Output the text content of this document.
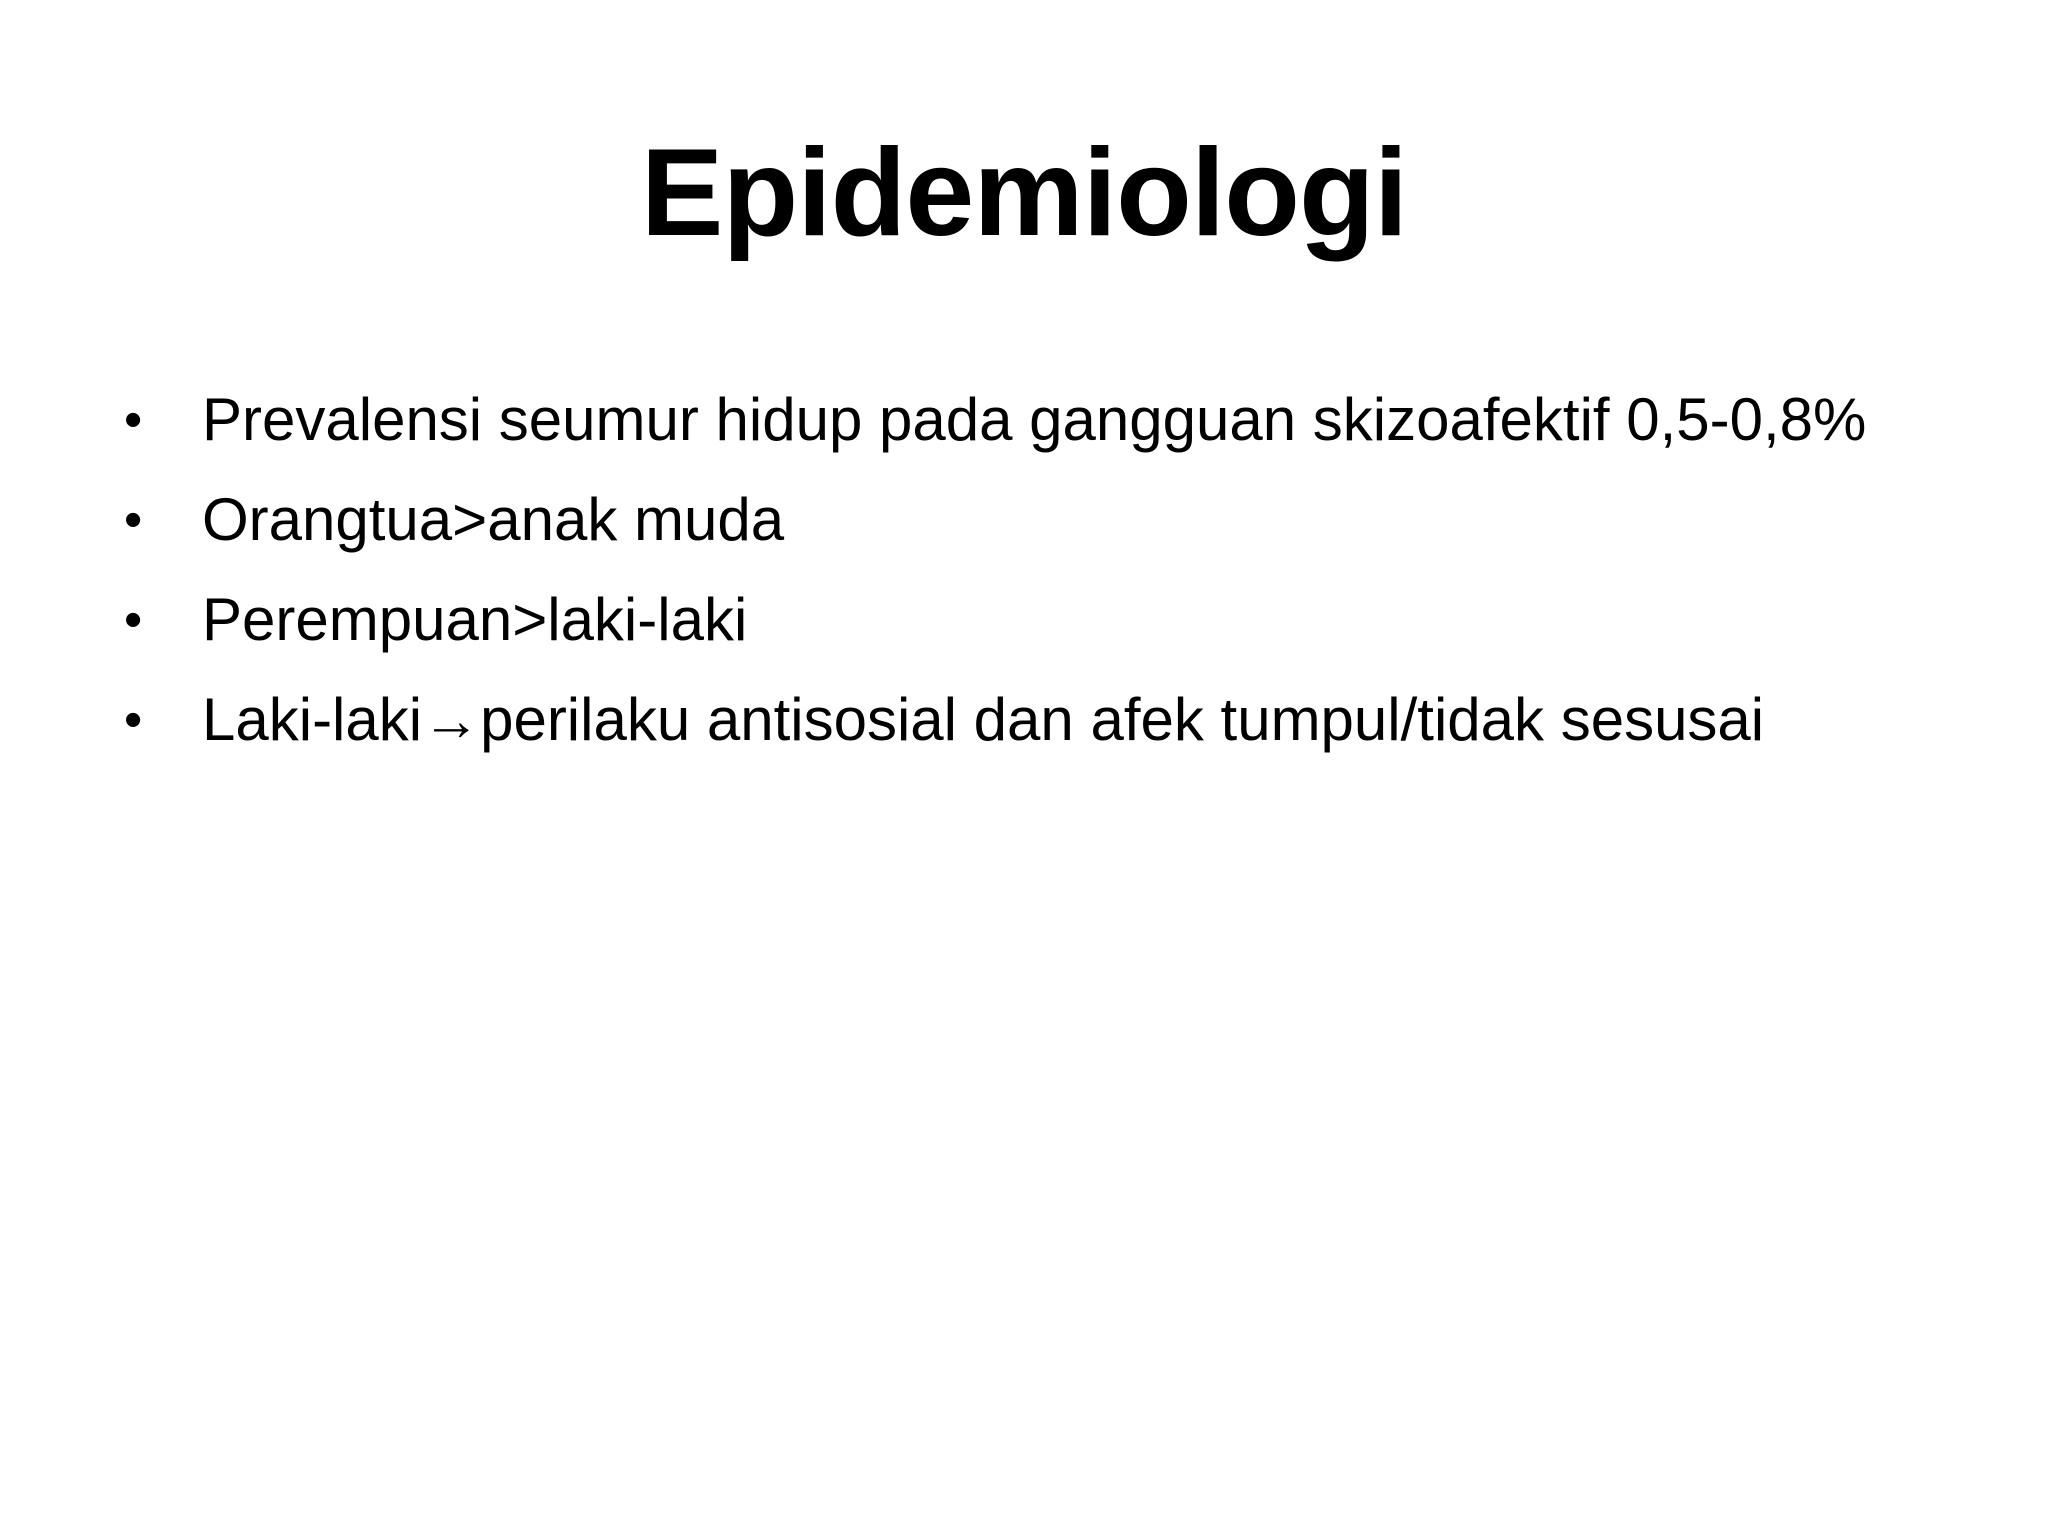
Epidemiologi
• Prevalensi seumur hidup pada gangguan skizoafektif 0,5-0,8%
• Orangtua>anak muda
• Perempuan>laki-laki
• Laki-laki→perilaku antisosial dan afek tumpul/tidak sesusai
